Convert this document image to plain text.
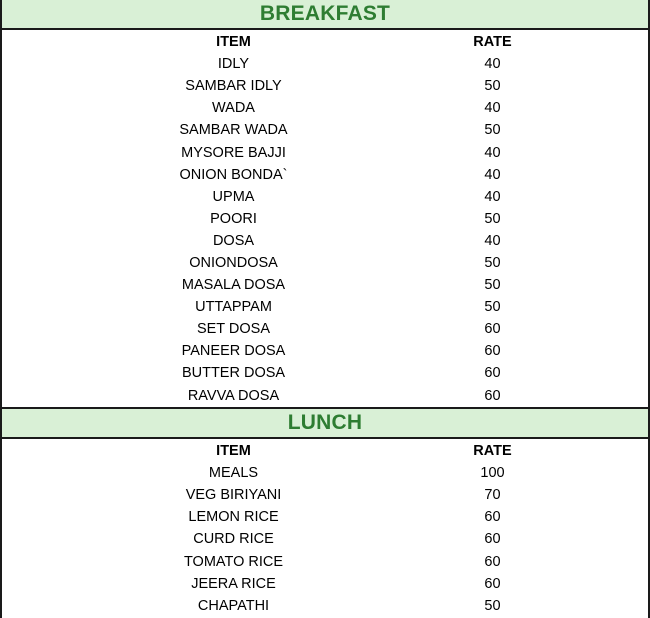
BREAKFAST
ITEM	RATE
IDLY	40
SAMBAR IDLY	50
WADA	40
SAMBAR WADA	50
MYSORE BAJJI	40
ONION BONDA`	40
UPMA	40
POORI	50
DOSA	40
ONIONDOSA	50
MASALA DOSA	50
UTTAPPAM	50
SET DOSA	60
PANEER DOSA	60
BUTTER DOSA	60
RAVVA DOSA	60
LUNCH
ITEM	RATE
MEALS	100
VEG BIRIYANI	70
LEMON RICE	60
CURD RICE	60
TOMATO RICE	60
JEERA RICE	60
CHAPATHI	50
